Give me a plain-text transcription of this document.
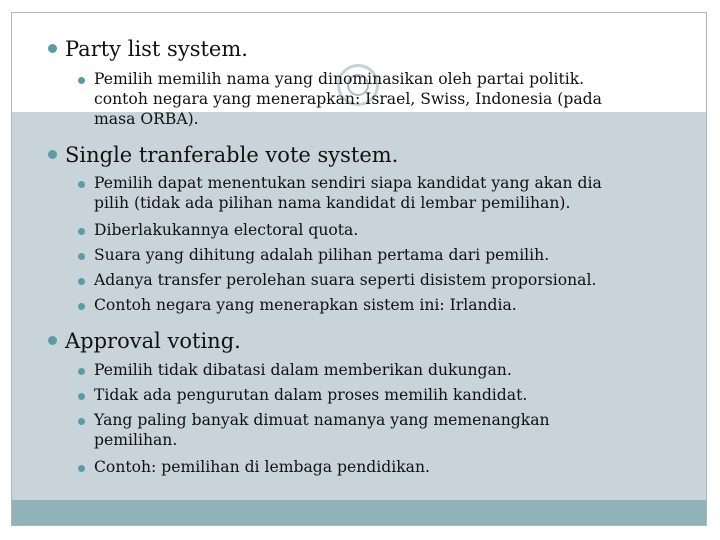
Party list system.
Pemilih memilih nama yang dinominasikan oleh partai politik.
contoh negara yang menerapkan: Israel, Swiss, Indonesia (pada
masa ORBA).
Single tranferable vote system.
Pemilih dapat menentukan sendiri siapa kandidat yang akan dia
pilih (tidak ada pilihan nama kandidat di lembar pemilihan).
Diberlakukannya electoral quota.
Suara yang dihitung adalah pilihan pertama dari pemilih.
Adanya transfer perolehan suara seperti disistem proporsional.
Contoh negara yang menerapkan sistem ini: Irlandia.
Approval voting.
Pemilih tidak dibatasi dalam memberikan dukungan.
Tidak ada pengurutan dalam proses memilih kandidat.
Yang paling banyak dimuat namanya yang memenangkan
pemilihan.
Contoh: pemilihan di lembaga pendidikan.
